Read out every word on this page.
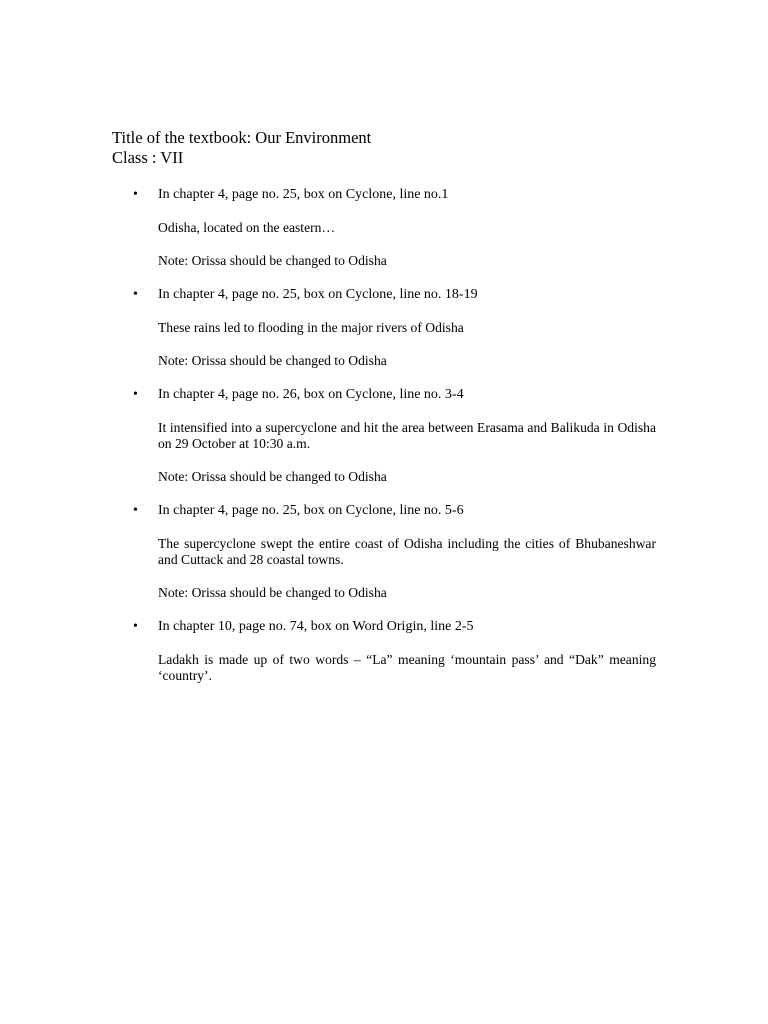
Title of the textbook: Our Environment
Class : VII
• In chapter 4, page no. 25, box on Cyclone, line no.1
Odisha, located on the eastern…
Note: Orissa should be changed to Odisha
• In chapter 4, page no. 25, box on Cyclone, line no. 18-19
These rains led to flooding in the major rivers of Odisha
Note: Orissa should be changed to Odisha
• In chapter 4, page no. 26, box on Cyclone, line no. 3-4
It intensified into a supercyclone and hit the area between Erasama and Balikuda in Odisha on 29 October at 10:30 a.m.
Note: Orissa should be changed to Odisha
• In chapter 4, page no. 25, box on Cyclone, line no. 5-6
The supercyclone swept the entire coast of Odisha including the cities of Bhubaneshwar and Cuttack and 28 coastal towns.
Note: Orissa should be changed to Odisha
• In chapter 10, page no. 74, box on Word Origin, line 2-5
Ladakh is made up of two words – “La” meaning ‘mountain pass’ and “Dak” meaning ‘country’.
